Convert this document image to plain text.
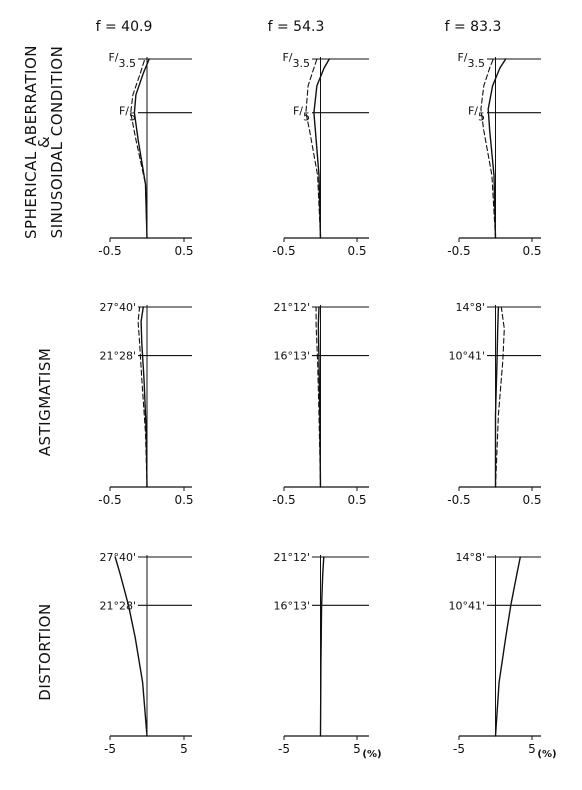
f = 40.9	f = 54.3	f = 83.3
SPHERICAL ABERRATION
&
SINUSOIDAL CONDITION
ASTIGMATISM
DISTORTION
F/3.5
F/5
-0.5	0.5
F/3.5
F/5
-0.5	0.5
F/3.5
F/5
-0.5	0.5
27°40'
21°28'
-0.5	0.5
21°12'
16°13'
-0.5	0.5
14°8'
10°41'
-0.5	0.5
27°40'
21°28'
-5	5
21°12'
16°13'
-5	5 (%)
14°8'
10°41'
-5	5 (%)
